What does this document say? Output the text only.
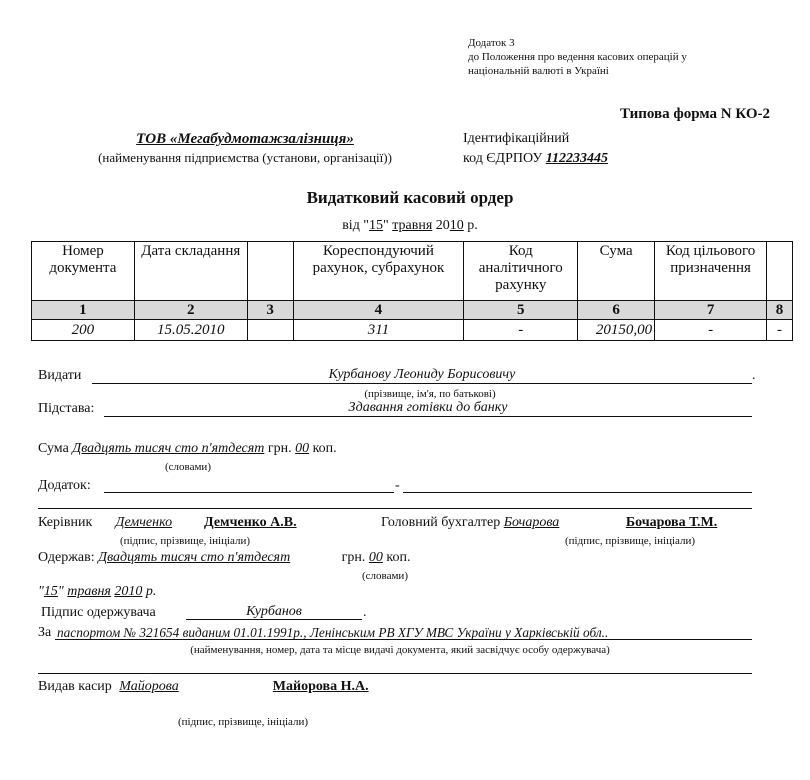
Додаток 3
до Положення про ведення касових операцій у
національній валюті в Україні
Типова форма N КО-2
ТОВ «Мегабудмотажзалізниця»
(найменування підприємства (установи, організації))
Ідентифікаційний
код ЄДРПОУ 112233445
Видатковий касовий ордер
від "15" травня 2010 р.
Номер документа	Дата складання		Кореспондуючий рахунок, субрахунок	Код аналітичного рахунку	Сума	Код цільового призначення	
1	2	3	4	5	6	7	8
200	15.05.2010		311	-	20150,00	-	-
Видати	Курбанову Леониду Борисовичу	.
(прізвище, ім'я, по батькові)
Підстава:	Здавання готівки до банку
Сума Двадцять тисяч сто п'ятдесят грн. 00 коп.
(словами)
Додаток:	-
Керівник Демченко Демченко А.В.	Головний бухгалтер Бочарова	Бочарова Т.М.
(підпис, прізвище, ініціали)	(підпис, прізвище, ініціали)
Одержав: Двадцять тисяч сто п'ятдесят	грн. 00 коп.
(словами)
"15" травня 2010 р.
Підпис одержувача	Курбанов	.
За паспортом № 321654 виданим 01.01.1991р., Ленінським РВ ХГУ МВС України у Харківській обл..
(найменування, номер, дата та місце видачі документа, який засвідчує особу одержувача)
Видав касир Майорова	Майорова Н.А.
(підпис, прізвище, ініціали)
